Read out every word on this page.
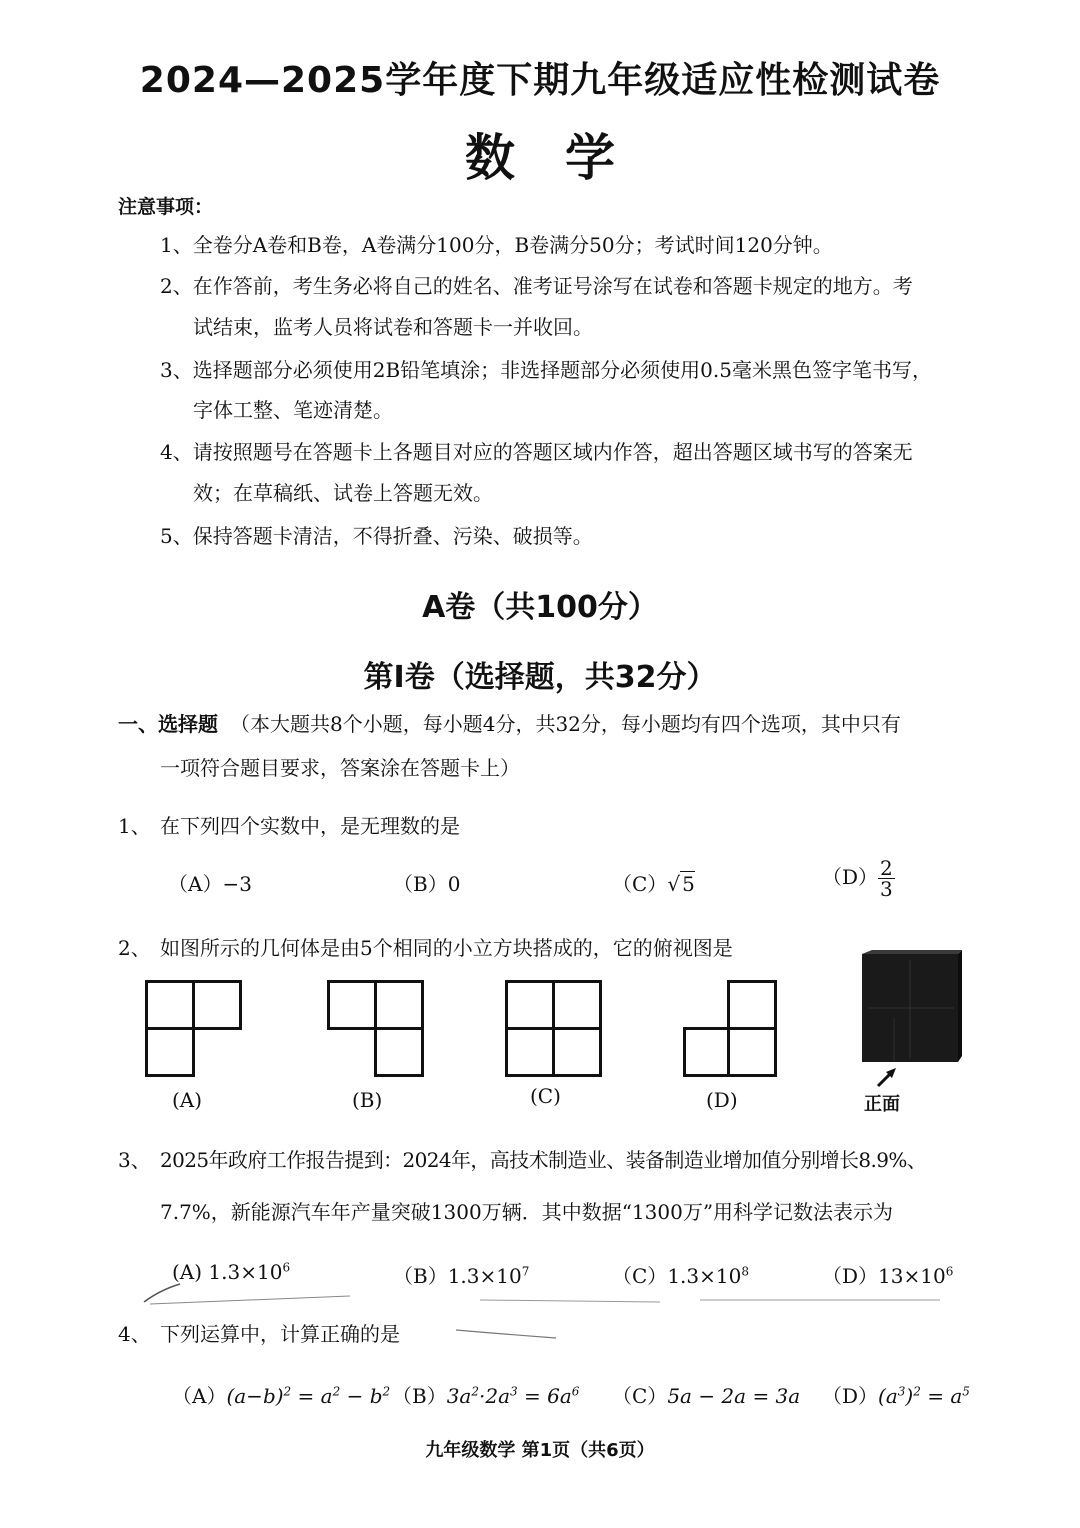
2024—2025学年度下期九年级适应性检测试卷
数　学
注意事项：
1、全卷分A卷和B卷，A卷满分100分，B卷满分50分；考试时间120分钟。
2、在作答前，考生务必将自己的姓名、准考证号涂写在试卷和答题卡规定的地方。考
试结束，监考人员将试卷和答题卡一并收回。
3、选择题部分必须使用2B铅笔填涂；非选择题部分必须使用0.5毫米黑色签字笔书写，
字体工整、笔迹清楚。
4、请按照题号在答题卡上各题目对应的答题区域内作答，超出答题区域书写的答案无
效；在草稿纸、试卷上答题无效。
5、保持答题卡清洁，不得折叠、污染、破损等。
A卷（共100分）
第Ⅰ卷（选择题，共32分）
一、选择题 （本大题共8个小题，每小题4分，共32分，每小题均有四个选项，其中只有
一项符合题目要求，答案涂在答题卡上）
1、 在下列四个实数中，是无理数的是
（A）−3	（B）0	（C）√ 5	$(D) \frac{2}{3}$
2、 如图所示的几何体是由5个相同的小立方块搭成的，它的俯视图是
(A)	(B)	(C)	(D)	正面
3、 2025年政府工作报告提到：2024年，高技术制造业、装备制造业增加值分别增长8.9%、
7.7%，新能源汽车年产量突破1300万辆．其中数据“1300万”用科学记数法表示为
(A) $1.3\times 10^6$	$(B)1.3\times 10^7$	$(C)1.3\times 10^8$	$(D)13\times 10^6$
4、 下列运算中，计算正确的是
$(A)(a-b)^2 = a^2 - b^2$ $(B)3a^2\cdot 2a^3 = 6a^6$ （C）5a − 2a = 3a $(D)(a^3)^2 = a^5$
九年级数学 第1页（共6页）
